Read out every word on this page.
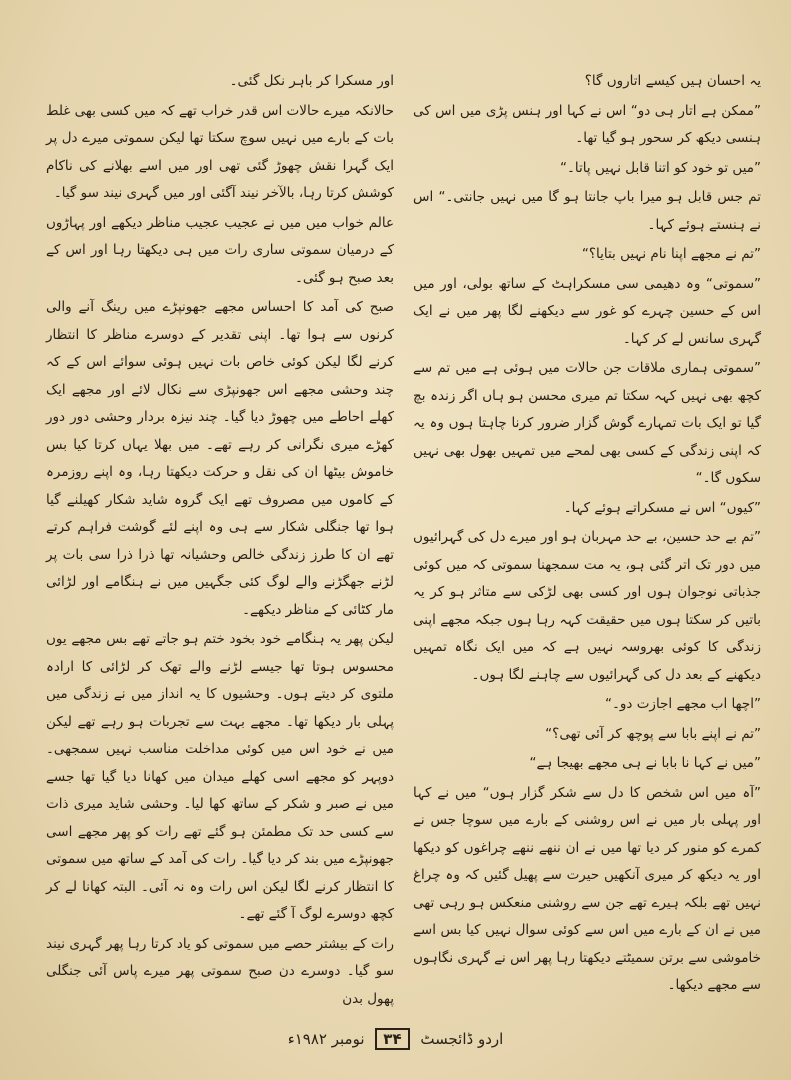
یہ احسان ہیں کیسے اتاروں گا؟

”ممکن ہے اتار ہی دو“ اس نے کہا اور ہنس پڑی میں اس کی ہنسی دیکھ کر سحور ہو گیا تھا۔

”میں تو خود کو اتنا قابل نہیں پاتا۔“

تم جس قابل ہو میرا باپ جانتا ہو گا میں نہیں جانتی۔“ اس نے ہنستے ہوئے کہا۔

”تم نے مجھے اپنا نام نہیں بتایا؟“

”سموتی“ وہ دھیمی سی مسکراہٹ کے ساتھ بولی، اور میں اس کے حسین چہرے کو غور سے دیکھنے لگا پھر میں نے ایک گہری سانس لے کر کہا۔

”سموتی ہماری ملاقات جن حالات میں ہوئی ہے میں تم سے کچھ بھی نہیں کہہ سکتا تم میری محسن ہو ہاں اگر زندہ بچ گیا تو ایک بات تمہارے گوش گزار ضرور کرنا چاہتا ہوں وہ یہ کہ اپنی زندگی کے کسی بھی لمحے میں تمہیں بھول بھی نہیں سکوں گا۔“

”کیوں“ اس نے مسکراتے ہوئے کہا۔

”تم بے حد حسین، بے حد مہربان ہو اور میرے دل کی گہرائیوں میں دور تک اتر گئی ہو، یہ مت سمجھنا سموتی کہ میں کوئی جذباتی نوجوان ہوں اور کسی بھی لڑکی سے متاثر ہو کر یہ باتیں کر سکتا ہوں میں حقیقت کہہ رہا ہوں جبکہ مجھے اپنی زندگی کا کوئی بھروسہ نہیں ہے کہ میں ایک نگاہ تمہیں دیکھنے کے بعد دل کی گہرائیوں سے چاہنے لگا ہوں۔

”اچھا اب مجھے اجازت دو۔“

”تم نے اپنے بابا سے پوچھ کر آئی تھی؟“

”میں نے کہا نا بابا نے ہی مجھے بھیجا ہے“

”آہ میں اس شخص کا دل سے شکر گزار ہوں“ میں نے کہا اور پہلی بار میں نے اس روشنی کے بارے میں سوچا جس نے کمرے کو منور کر دیا تھا میں نے ان ننھے ننھے چراغوں کو دیکھا اور یہ دیکھ کر میری آنکھیں حیرت سے پھیل گئیں کہ وہ چراغ نہیں تھے بلکہ ہیرے تھے جن سے روشنی منعکس ہو رہی تھی میں نے ان کے بارے میں اس سے کوئی سوال نہیں کیا بس اسے خاموشی سے برتن سمیٹتے دیکھتا رہا پھر اس نے گہری نگاہوں سے مجھے دیکھا۔

اور مسکرا کر باہر نکل گئی۔

حالانکہ میرے حالات اس قدر خراب تھے کہ میں کسی بھی غلط بات کے بارے میں نہیں سوچ سکتا تھا لیکن سموتی میرے دل پر ایک گہرا نقش چھوڑ گئی تھی اور میں اسے بھلانے کی ناکام کوشش کرتا رہا، بالآخر نیند آگئی اور میں گہری نیند سو گیا۔

عالم خواب میں میں نے عجیب عجیب مناظر دیکھے اور پہاڑوں کے درمیان سموتی ساری رات میں ہی دیکھتا رہا اور اس کے بعد صبح ہو گئی۔

صبح کی آمد کا احساس مجھے جھونپڑے میں رینگ آنے والی کرنوں سے ہوا تھا۔ اپنی تقدیر کے دوسرے مناظر کا انتظار کرنے لگا لیکن کوئی خاص بات نہیں ہوئی سوائے اس کے کہ چند وحشی مجھے اس جھونپڑی سے نکال لائے اور مجھے ایک کھلے احاطے میں چھوڑ دیا گیا۔ چند نیزہ بردار وحشی دور دور کھڑے میری نگرانی کر رہے تھے۔ میں بھلا یہاں کرتا کیا بس خاموش بیٹھا ان کی نقل و حرکت دیکھتا رہا، وہ اپنے روزمرہ کے کاموں میں مصروف تھے ایک گروہ شاید شکار کھیلنے گیا ہوا تھا جنگلی شکار سے ہی وہ اپنے لئے گوشت فراہم کرتے تھے ان کا طرز زندگی خالص وحشیانہ تھا ذرا ذرا سی بات پر لڑنے جھگڑنے والے لوگ کئی جگہیں میں نے ہنگامے اور لڑائی مار کٹائی کے مناظر دیکھے۔

لیکن پھر یہ ہنگامے خود بخود ختم ہو جاتے تھے بس مجھے یوں محسوس ہوتا تھا جیسے لڑنے والے تھک کر لڑائی کا ارادہ ملتوی کر دیتے ہوں۔ وحشیوں کا یہ انداز میں نے زندگی میں پہلی بار دیکھا تھا۔ مجھے بہت سے تجربات ہو رہے تھے لیکن میں نے خود اس میں کوئی مداخلت مناسب نہیں سمجھی۔ دوپہر کو مجھے اسی کھلے میدان میں کھانا دیا گیا تھا جسے میں نے صبر و شکر کے ساتھ کھا لیا۔ وحشی شاید میری ذات سے کسی حد تک مطمئن ہو گئے تھے رات کو پھر مجھے اسی جھونپڑے میں بند کر دیا گیا۔ رات کی آمد کے ساتھ میں سموتی کا انتظار کرنے لگا لیکن اس رات وہ نہ آئی۔ البتہ کھانا لے کر کچھ دوسرے لوگ آ گئے تھے۔

رات کے بیشتر حصے میں سموتی کو یاد کرتا رہا پھر گہری نیند سو گیا۔ دوسرے دن صبح سموتی پھر میرے پاس آئی جنگلی پھول بدن

اردو ڈائجسٹ ۳۴ نومبر ۱۹۸۲ء
